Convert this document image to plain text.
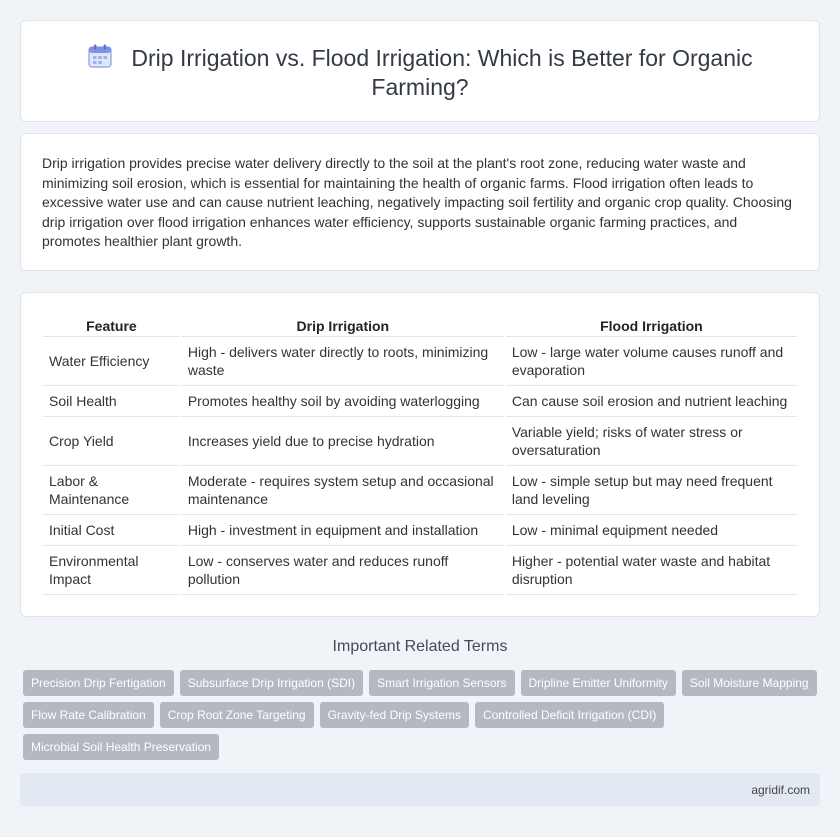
Drip Irrigation vs. Flood Irrigation: Which is Better for Organic Farming?

Drip irrigation provides precise water delivery directly to the soil at the plant's root zone, reducing water waste and minimizing soil erosion, which is essential for maintaining the health of organic farms. Flood irrigation often leads to excessive water use and can cause nutrient leaching, negatively impacting soil fertility and organic crop quality. Choosing drip irrigation over flood irrigation enhances water efficiency, supports sustainable organic farming practices, and promotes healthier plant growth.

Feature	Drip Irrigation	Flood Irrigation
Water Efficiency	High - delivers water directly to roots, minimizing waste	Low - large water volume causes runoff and evaporation
Soil Health	Promotes healthy soil by avoiding waterlogging	Can cause soil erosion and nutrient leaching
Crop Yield	Increases yield due to precise hydration	Variable yield; risks of water stress or oversaturation
Labor & Maintenance	Moderate - requires system setup and occasional maintenance	Low - simple setup but may need frequent land leveling
Initial Cost	High - investment in equipment and installation	Low - minimal equipment needed
Environmental Impact	Low - conserves water and reduces runoff pollution	Higher - potential water waste and habitat disruption
Important Related Terms
Precision Drip Fertigation	Subsurface Drip Irrigation (SDI)	Smart Irrigation Sensors	Dripline Emitter Uniformity	Soil Moisture Mapping
Flow Rate Calibration	Crop Root Zone Targeting	Gravity-fed Drip Systems	Controlled Deficit Irrigation (CDI)
Microbial Soil Health Preservation
agridif.com
